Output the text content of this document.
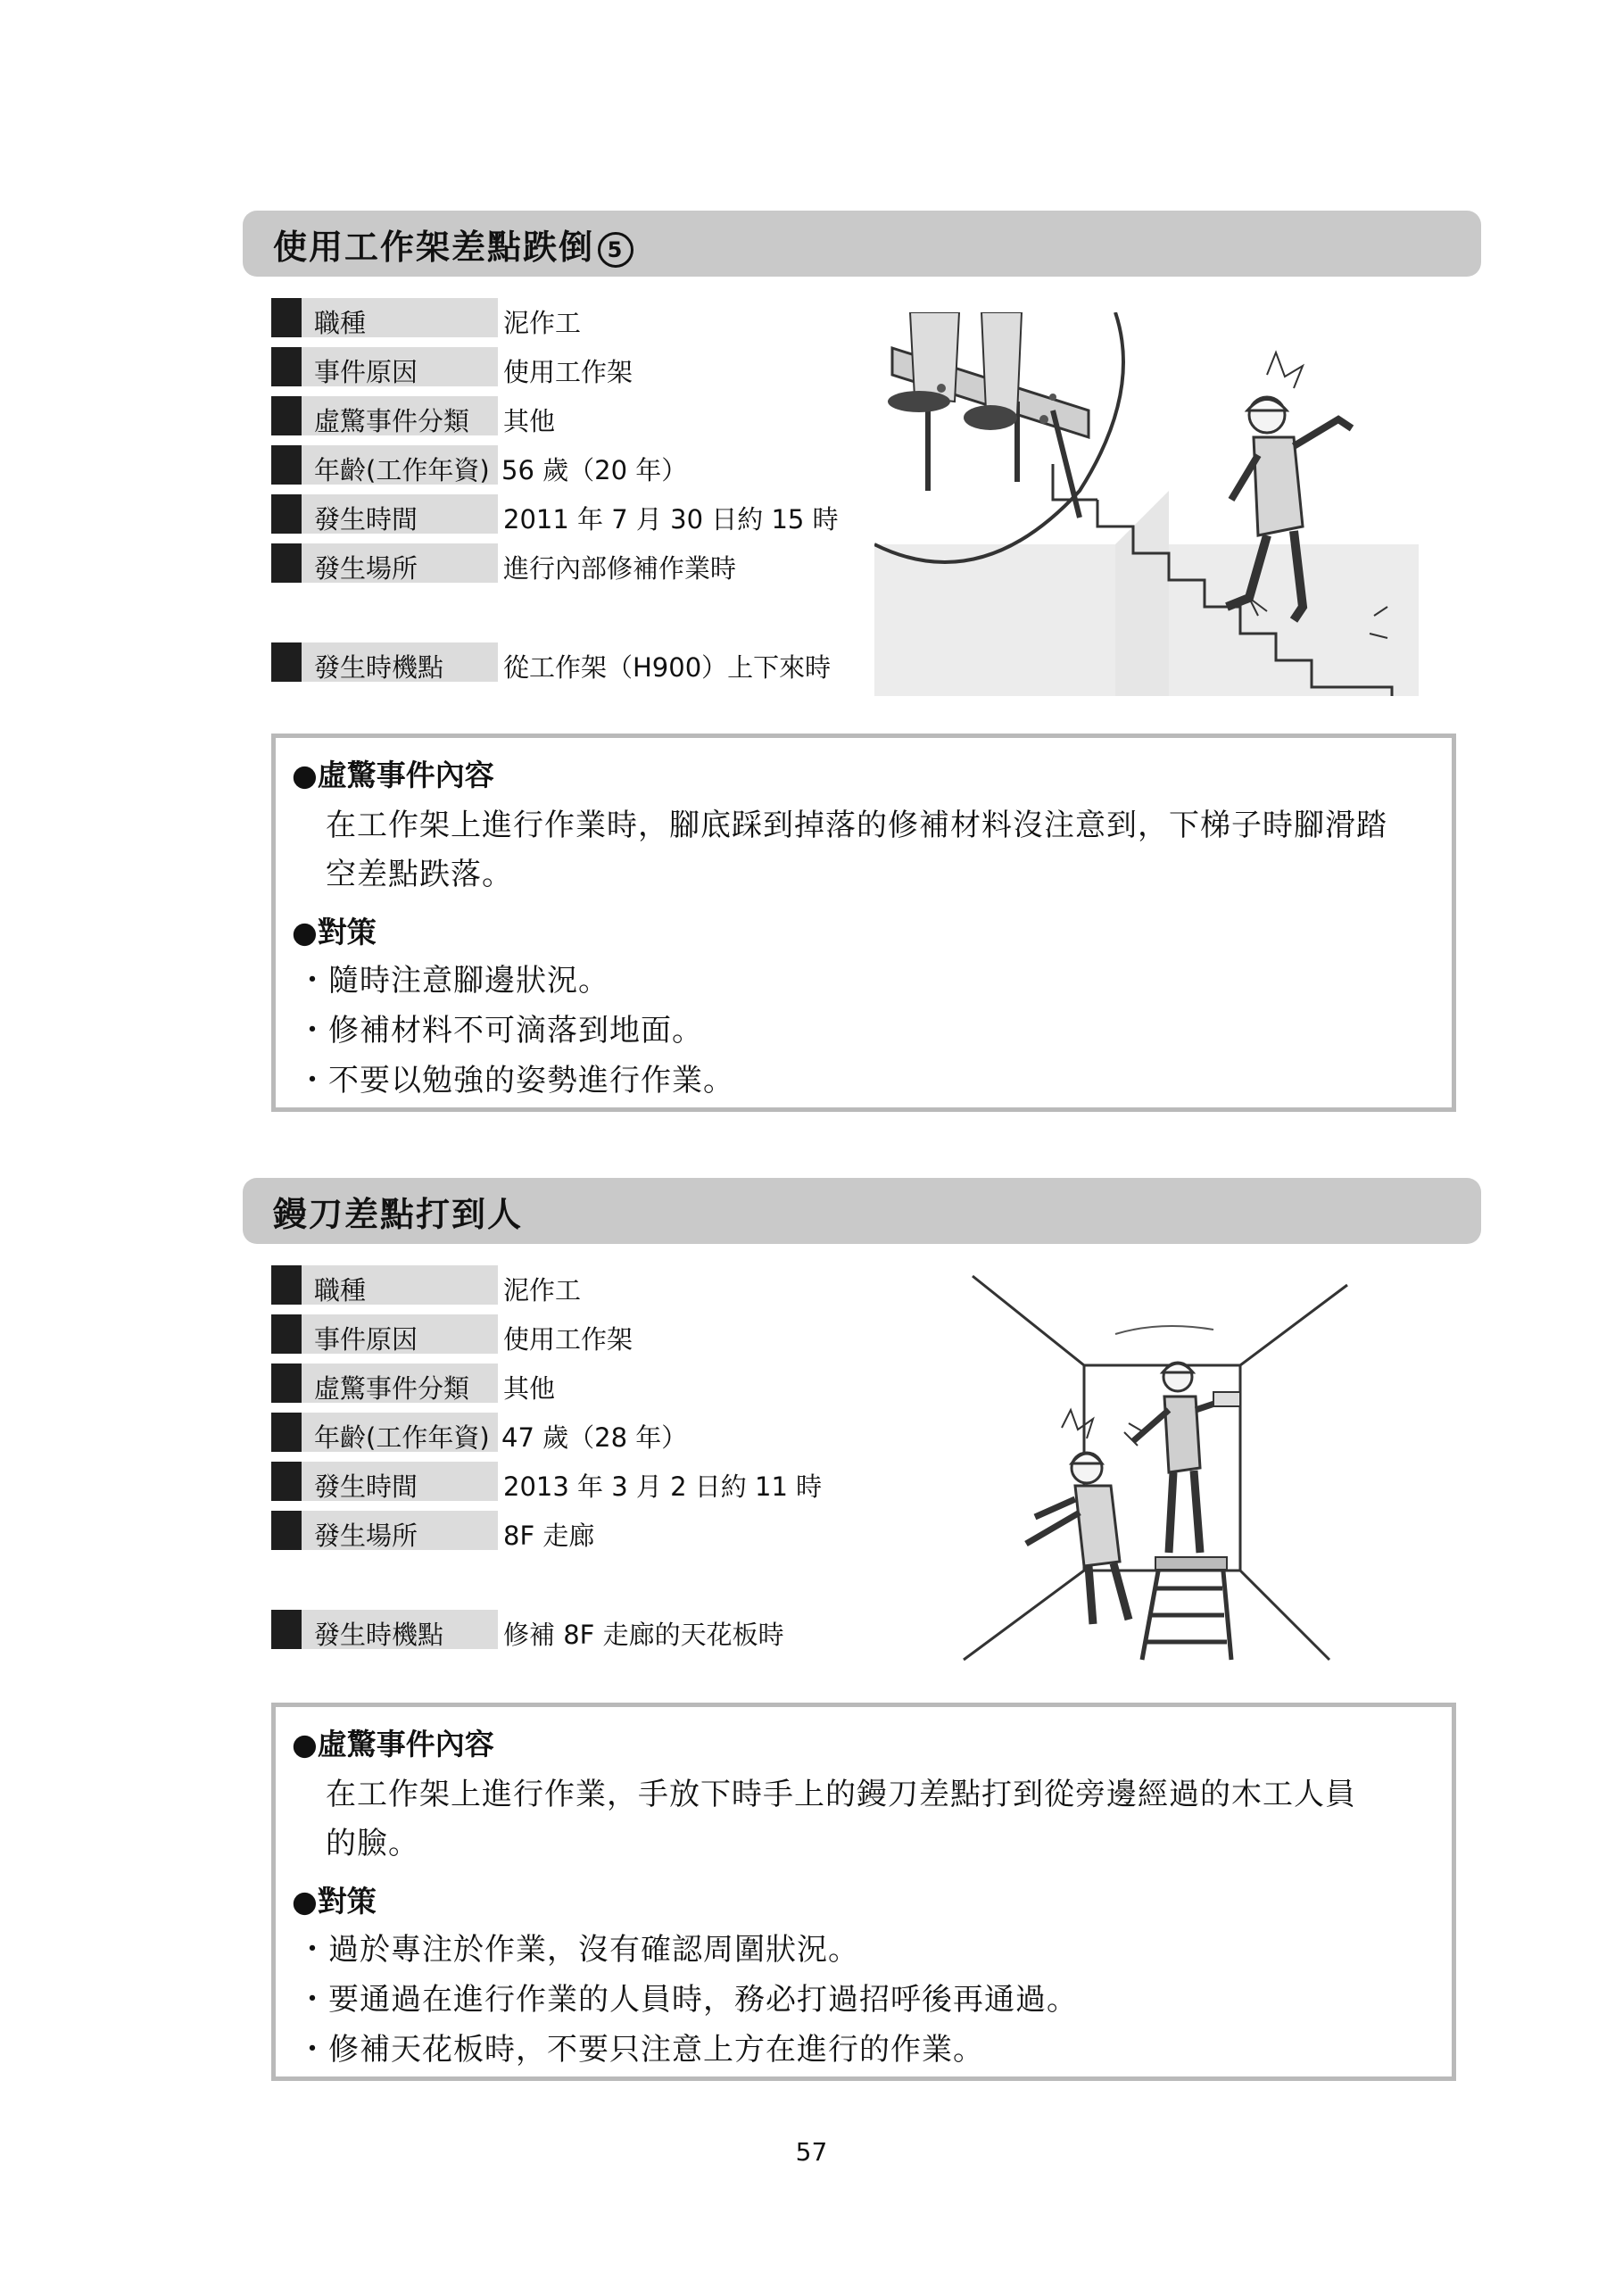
使用工作架差點跌倒 5
職種	泥作工
事件原因	使用工作架
虛驚事件分類 其他
年齡(工作年資) 56 歲（20 年）
發生時間	2011 年 7 月 30 日約 15 時
發生場所	進行內部修補作業時
發生時機點 從工作架（H900）上下來時
●虛驚事件內容
在工作架上進行作業時，腳底踩到掉落的修補材料沒注意到，下梯子時腳滑踏
空差點跌落。
●對策
・隨時注意腳邊狀況。
・修補材料不可滴落到地面。
・不要以勉強的姿勢進行作業。
鏝刀差點打到人
職種	泥作工
事件原因	使用工作架
虛驚事件分類 其他
年齡(工作年資) 47 歲（28 年）
發生時間	2013 年 3 月 2 日約 11 時
發生場所	8F 走廊
發生時機點 修補 8F 走廊的天花板時
●虛驚事件內容
在工作架上進行作業，手放下時手上的鏝刀差點打到從旁邊經過的木工人員
的臉。
●對策
・過於專注於作業，沒有確認周圍狀況。
・要通過在進行作業的人員時，務必打過招呼後再通過。
・修補天花板時，不要只注意上方在進行的作業。
57
